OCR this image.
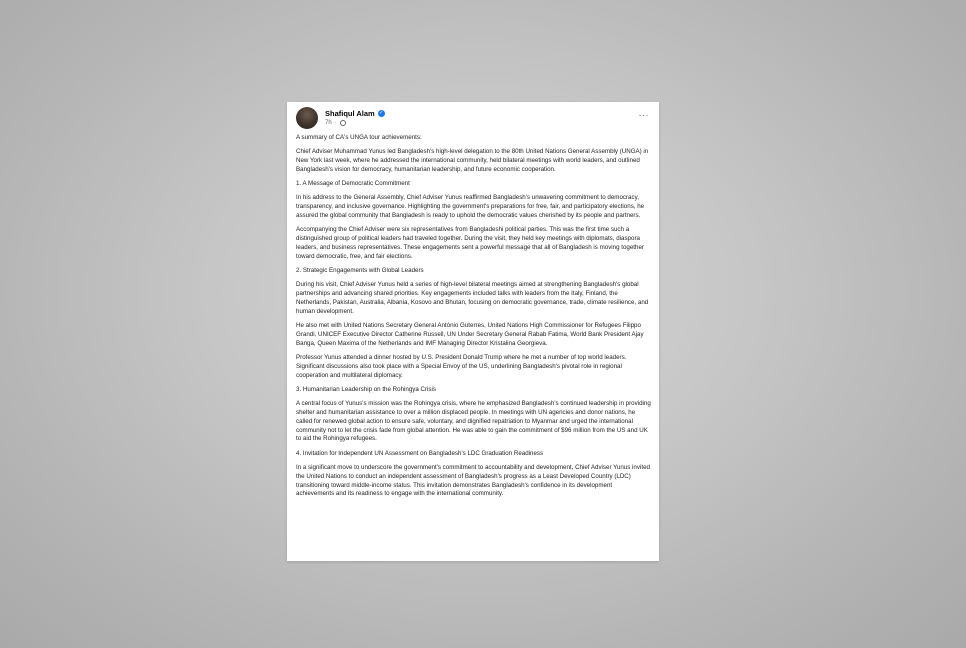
Shafiqul Alam ✓
7h ·
···

A summary of CA's UNGA tour achievements:

Chief Adviser Muhammad Yunus led Bangladesh's high-level delegation to the 80th United Nations General Assembly (UNGA) in New York last week, where he addressed the international community, held bilateral meetings with world leaders, and outlined Bangladesh's vision for democracy, humanitarian leadership, and future economic cooperation.

1. A Message of Democratic Commitment

In his address to the General Assembly, Chief Adviser Yunus reaffirmed Bangladesh's unwavering commitment to democracy, transparency, and inclusive governance. Highlighting the government's preparations for free, fair, and participatory elections, he assured the global community that Bangladesh is ready to uphold the democratic values cherished by its people and partners.

Accompanying the Chief Adviser were six representatives from Bangladeshi political parties. This was the first time such a distinguished group of political leaders had traveled together. During the visit, they held key meetings with diplomats, diaspora leaders, and business representatives. These engagements sent a powerful message that all of Bangladesh is moving together toward democratic, free, and fair elections.

2. Strategic Engagements with Global Leaders

During his visit, Chief Adviser Yunus held a series of high-level bilateral meetings aimed at strengthening Bangladesh's global partnerships and advancing shared priorities. Key engagements included talks with leaders from the Italy, Finland, the Netherlands, Pakistan, Australia, Albania, Kosovo and Bhutan, focusing on democratic governance, trade, climate resilience, and human development.

He also met with United Nations Secretary General António Guterres, United Nations High Commissioner for Refugees Filippo Grandi, UNICEF Executive Director Catherine Russell, UN Under Secretary General Rabab Fatima, World Bank President Ajay Banga, Queen Maxima of the Netherlands and IMF Managing Director Kristalina Georgieva.

Professor Yunus attended a dinner hosted by U.S. President Donald Trump where he met a number of top world leaders. Significant discussions also took place with a Special Envoy of the US, underlining Bangladesh's pivotal role in regional cooperation and multilateral diplomacy.

3. Humanitarian Leadership on the Rohingya Crisis

A central focus of Yunus's mission was the Rohingya crisis, where he emphasized Bangladesh's continued leadership in providing shelter and humanitarian assistance to over a million displaced people. In meetings with UN agencies and donor nations, he called for renewed global action to ensure safe, voluntary, and dignified repatriation to Myanmar and urged the international community not to let the crisis fade from global attention. He was able to gain the commitment of $96 million from the US and UK to aid the Rohingya refugees.

4. Invitation for Independent UN Assessment on Bangladesh's LDC Graduation Readiness

In a significant move to underscore the government's commitment to accountability and development, Chief Adviser Yunus invited the United Nations to conduct an independent assessment of Bangladesh's progress as a Least Developed Country (LDC) transitioning toward middle-income status. This invitation demonstrates Bangladesh's confidence in its development achievements and its readiness to engage with the international community.
